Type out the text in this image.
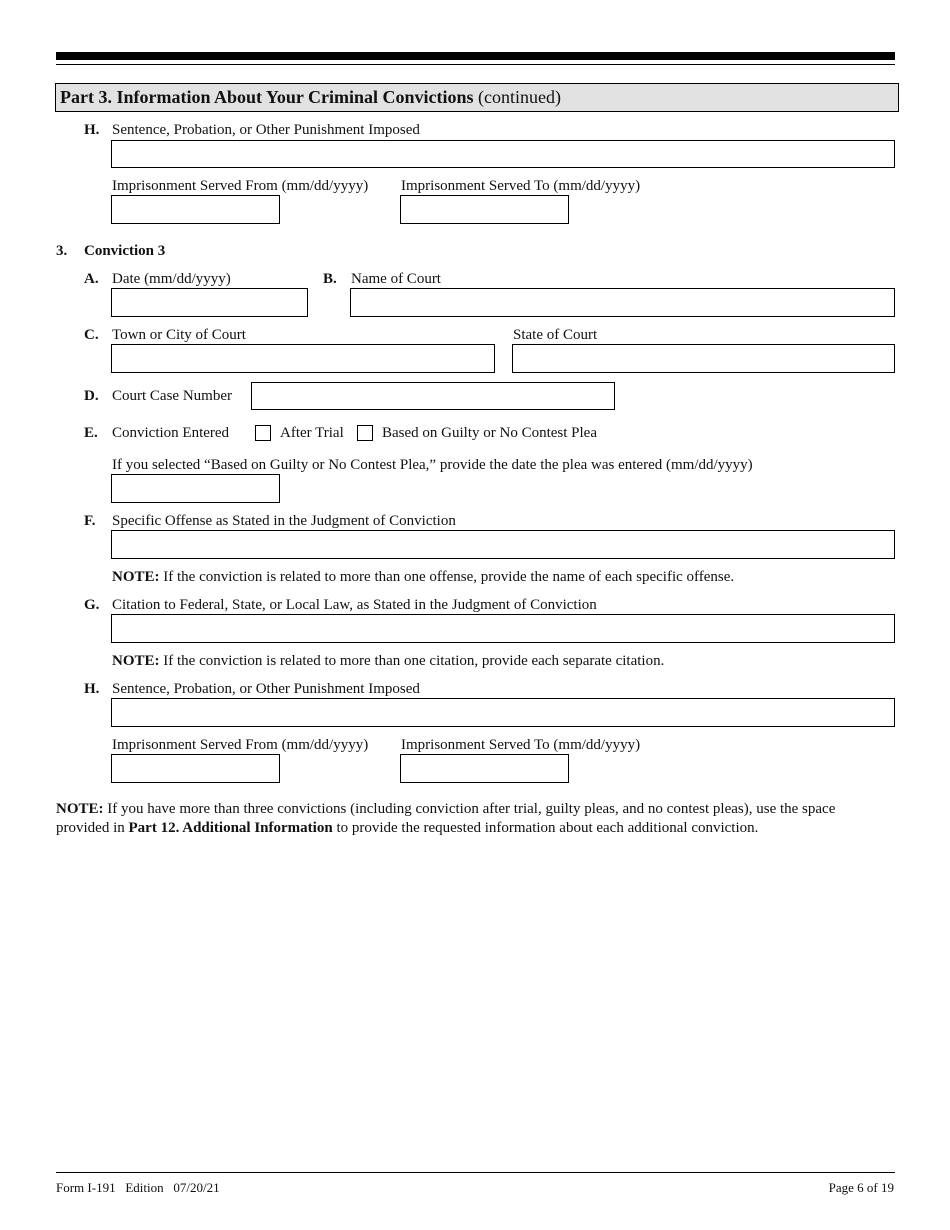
Part 3. Information About Your Criminal Convictions (continued)
H. Sentence, Probation, or Other Punishment Imposed
Imprisonment Served From (mm/dd/yyyy) Imprisonment Served To (mm/dd/yyyy)
3. Conviction 3
A. Date (mm/dd/yyyy)	B. Name of Court
C. Town or City of Court	State of Court
D. Court Case Number
E. Conviction Entered	After Trial	Based on Guilty or No Contest Plea
If you selected “Based on Guilty or No Contest Plea,” provide the date the plea was entered (mm/dd/yyyy)
F. Specific Offense as Stated in the Judgment of Conviction
NOTE: If the conviction is related to more than one offense, provide the name of each specific offense.
G. Citation to Federal, State, or Local Law, as Stated in the Judgment of Conviction
NOTE: If the conviction is related to more than one citation, provide each separate citation.
H. Sentence, Probation, or Other Punishment Imposed
Imprisonment Served From (mm/dd/yyyy) Imprisonment Served To (mm/dd/yyyy)
NOTE: If you have more than three convictions (including conviction after trial, guilty pleas, and no contest pleas), use the space
provided in Part 12. Additional Information to provide the requested information about each additional conviction.
Form I-191   Edition   07/20/21	Page 6 of 19
